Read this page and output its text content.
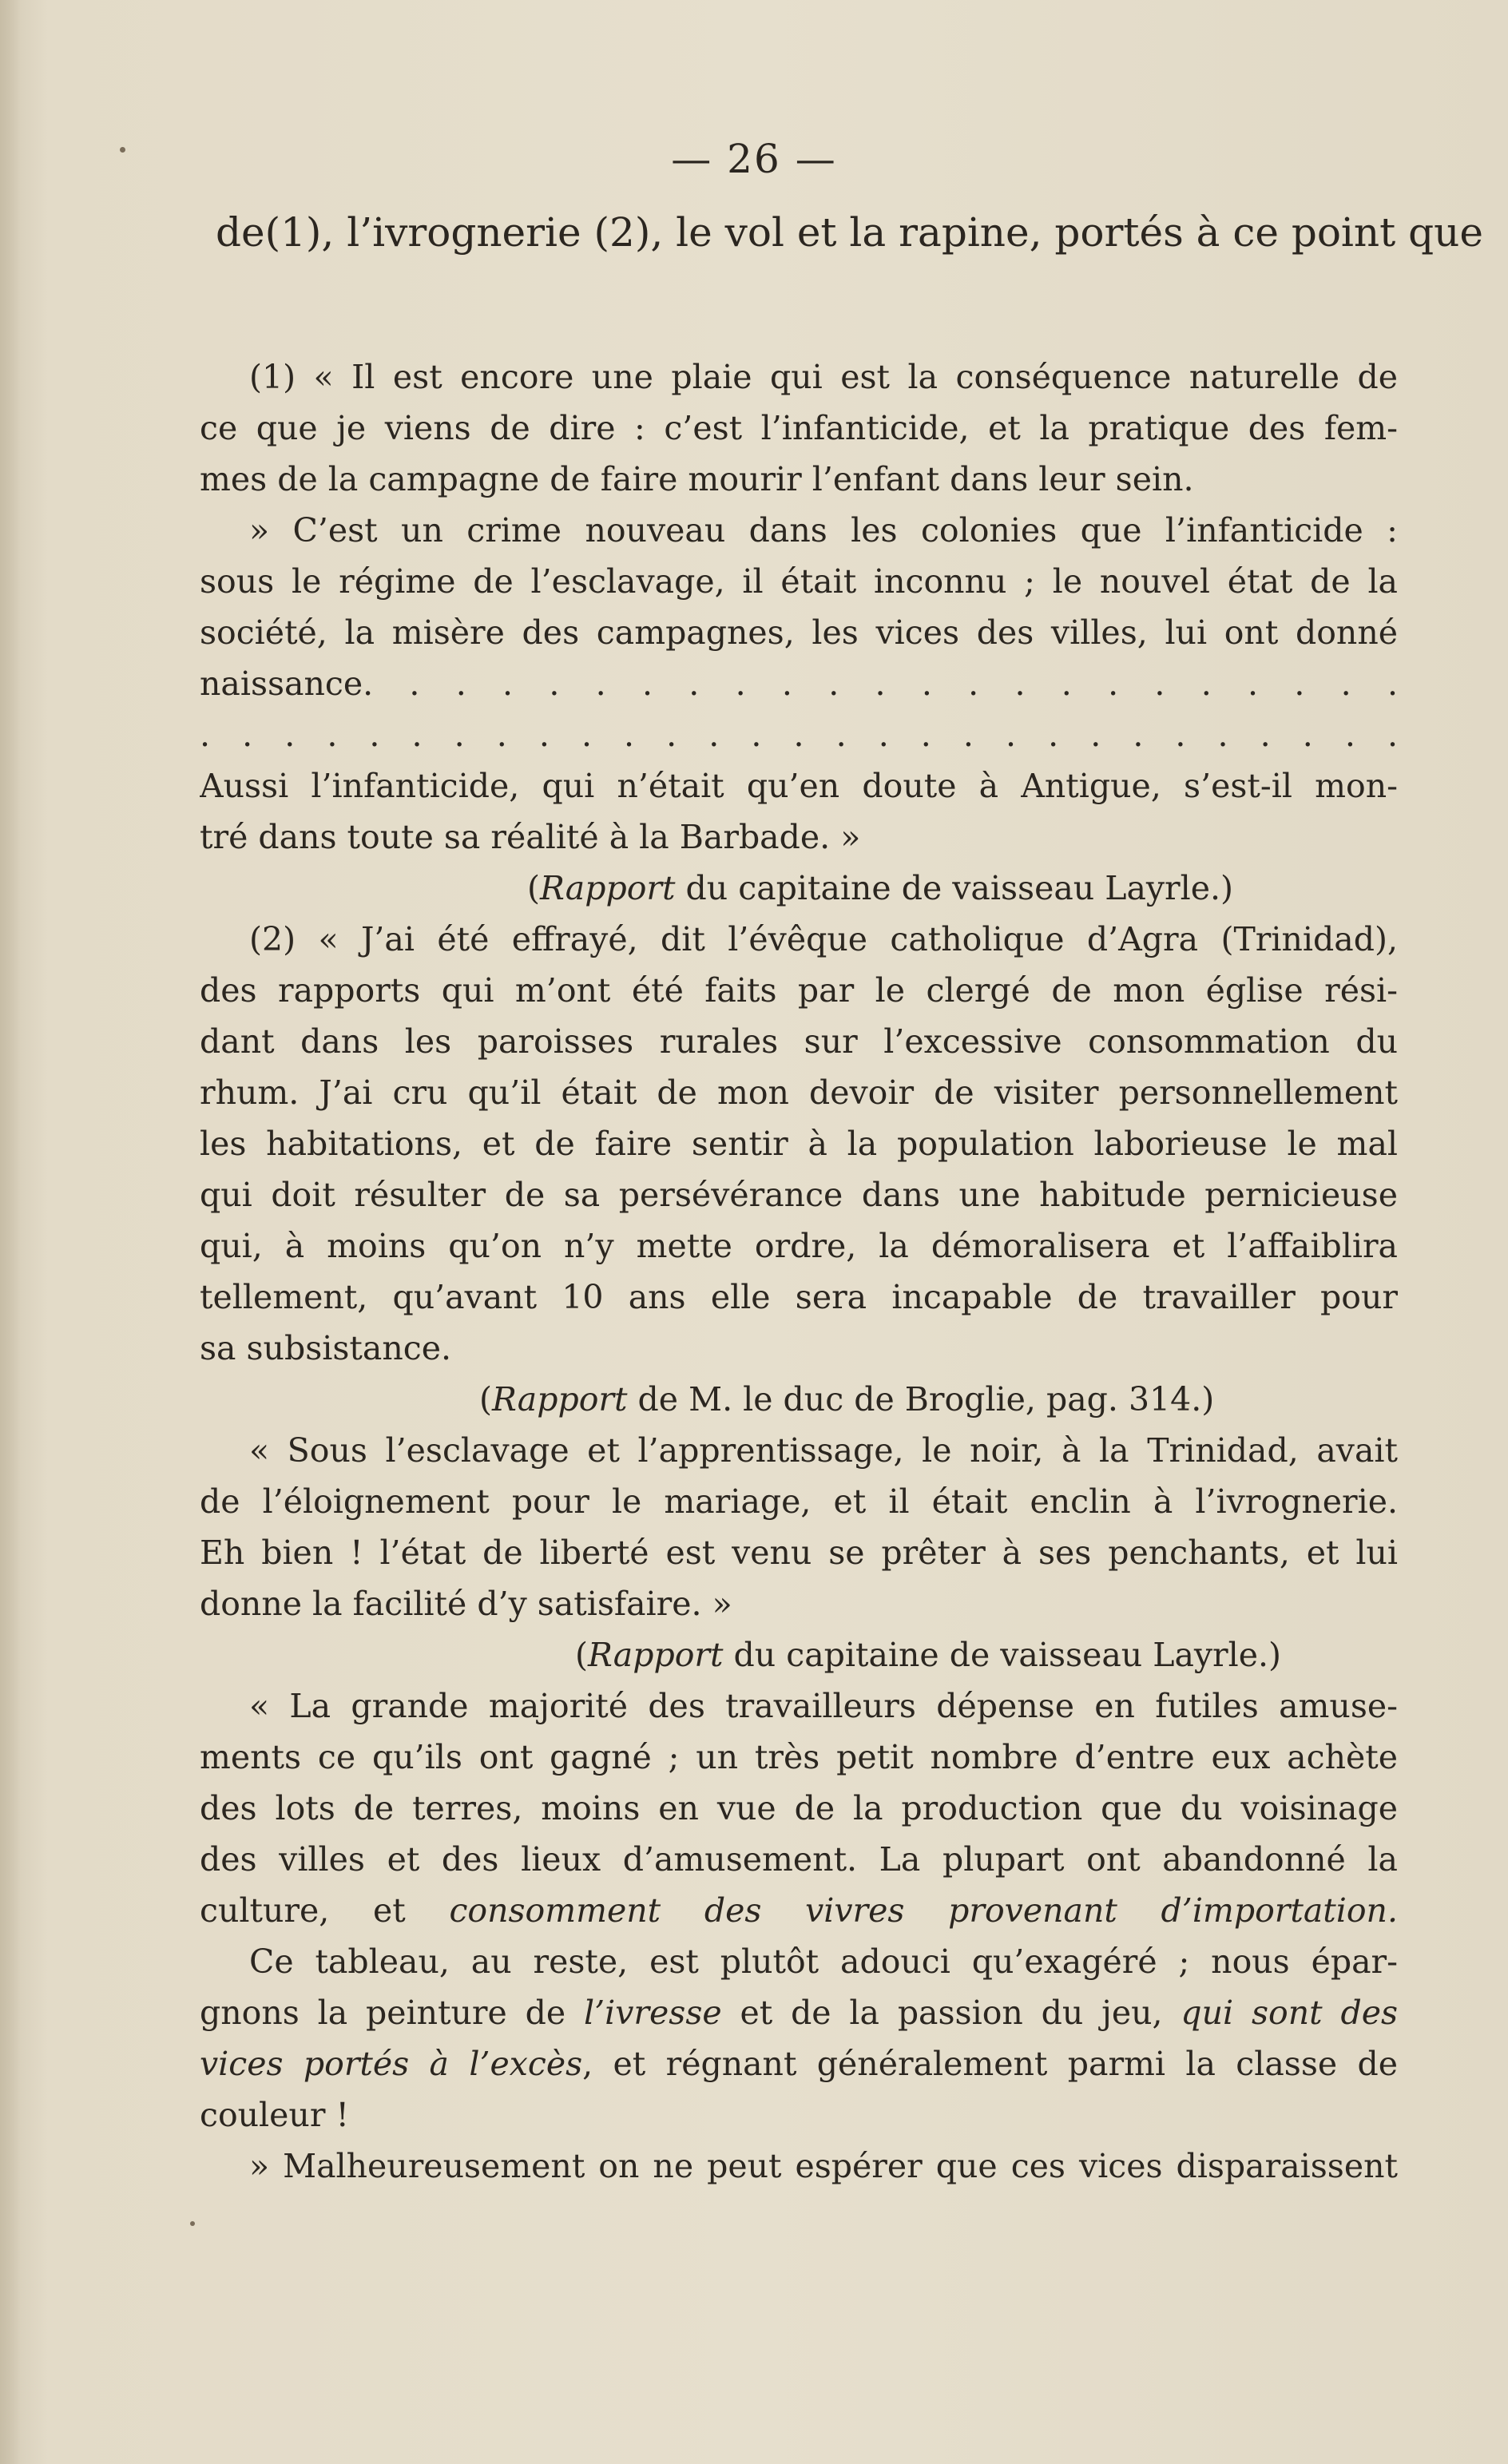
— 26 —
de(1), l’ivrognerie (2), le vol et la rapine, portés à ce point que
(1) « Il est encore une plaie qui est la conséquence naturelle de
ce que je viens de dire : c’est l’infanticide, et la pratique des fem-
mes de la campagne de faire mourir l’enfant dans leur sein.
» C’est un crime nouveau dans les colonies que l’infanticide :
sous le régime de l’esclavage, il était inconnu ; le nouvel état de la
société, la misère des campagnes, les vices des villes, lui ont donné
naissance. . . . . . . . . . . . . . . . . . . . . . .
. . . . . . . . . . . . . . . . . . . . . . . . . . . . .
Aussi l’infanticide, qui n’était qu’en doute à Antigue, s’est-il mon-
tré dans toute sa réalité à la Barbade. »
(Rapport du capitaine de vaisseau Layrle.)
(2) « J’ai été effrayé, dit l’évêque catholique d’Agra (Trinidad),
des rapports qui m’ont été faits par le clergé de mon église rési-
dant dans les paroisses rurales sur l’excessive consommation du
rhum. J’ai cru qu’il était de mon devoir de visiter personnellement
les habitations, et de faire sentir à la population laborieuse le mal
qui doit résulter de sa persévérance dans une habitude pernicieuse
qui, à moins qu’on n’y mette ordre, la démoralisera et l’affaiblira
tellement, qu’avant 10 ans elle sera incapable de travailler pour
sa subsistance.
(Rapport de M. le duc de Broglie, pag. 314.)
« Sous l’esclavage et l’apprentissage, le noir, à la Trinidad, avait
de l’éloignement pour le mariage, et il était enclin à l’ivrognerie.
Eh bien ! l’état de liberté est venu se prêter à ses penchants, et lui
donne la facilité d’y satisfaire. »
(Rapport du capitaine de vaisseau Layrle.)
« La grande majorité des travailleurs dépense en futiles amuse-
ments ce qu’ils ont gagné ; un très petit nombre d’entre eux achète
des lots de terres, moins en vue de la production que du voisinage
des villes et des lieux d’amusement. La plupart ont abandonné la
culture, et consomment des vivres provenant d’importation.
Ce tableau, au reste, est plutôt adouci qu’exagéré ; nous épar-
gnons la peinture de l’ivresse et de la passion du jeu, qui sont des
vices portés à l’excès, et régnant généralement parmi la classe de
couleur !
» Malheureusement on ne peut espérer que ces vices disparaissent
